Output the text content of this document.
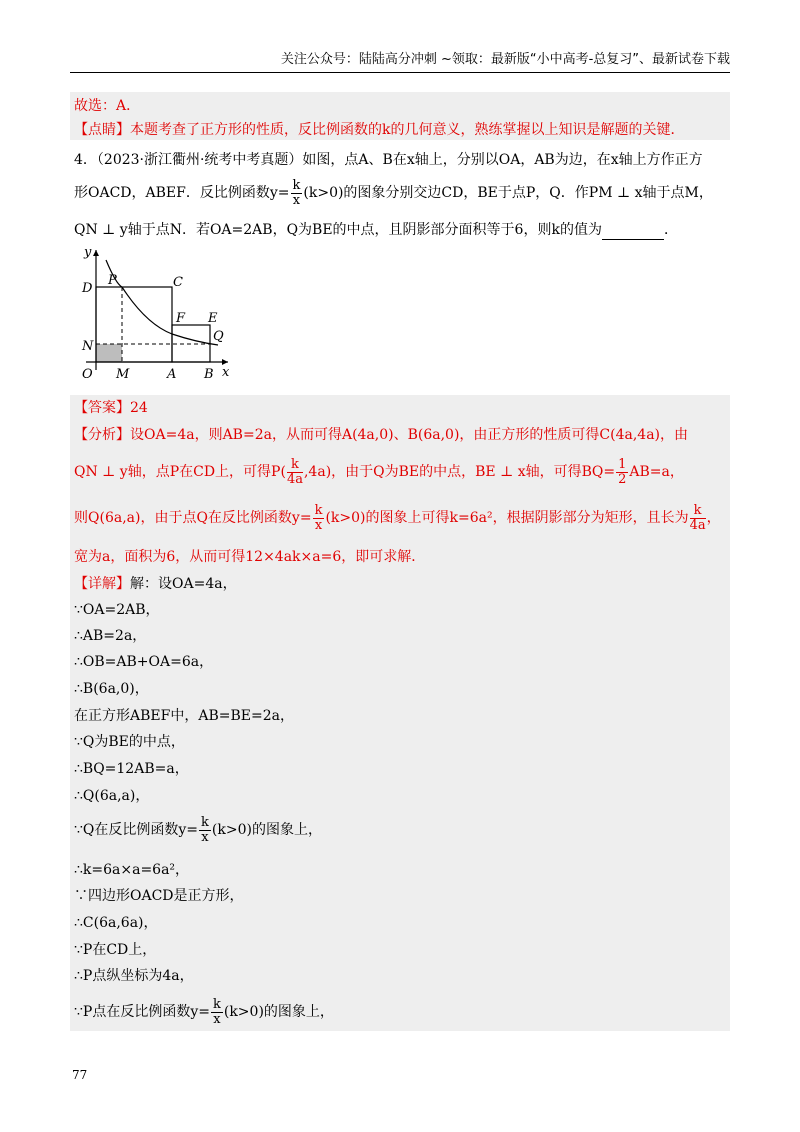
关注公众号：陆陆高分冲刺 ~领取：最新版“小中高考-总复习”、最新试卷下载
故选：A．
【点睛】本题考查了正方形的性质，反比例函数的k的几何意义，熟练掌握以上知识是解题的关键．
4．（2023·浙江衢州·统考中考真题）如图，点A、B在x轴上，分别以OA，AB为边，在x轴上方作正方
形OACD，ABEF．反比例函数$y= \frac{k}{x} (k>0)$的图象分别交边CD，BE于点P，Q．作PM ⊥ x轴于点M，
QN ⊥ y轴于点N．若OA=2AB，Q为BE的中点，且阴影部分面积等于6，则k的值为	．
y
x
O M	A B
D
N
P	C
F E
Q
【答案】24
【分析】设OA=4a，则AB=2a，从而可得A(4a,0)、B(6a,0)，由正方形的性质可得C(4a,4a)，由
QN ⊥ y轴，点P在CD上，可得$P( \frac{k}{4a} ,4a)$，由于Q为BE的中点，BE ⊥ x轴，可得$BQ= \frac{1}{2} AB=a$，
则Q(6a,a)，由于点Q在反比例函数$y= \frac{k}{x} (k>0)$的图象上可得k=6a²，根据阴影部分为矩形，且长为 $\frac{k}{4a}$ ，
宽为a，面积为6，从而可得12×4ak×a=6，即可求解．
【详解】解：设OA=4a，
∵OA=2AB，
∴AB=2a，
∴OB=AB+OA=6a，
∴B(6a,0)，
在正方形ABEF中，AB=BE=2a，
∵Q为BE的中点，
∴BQ=12AB=a，
∴Q(6a,a)，
∵Q在反比例函数$y= \frac{k}{x} (k>0)$的图象上，
∴k=6a×a=6a²，
∵四边形OACD是正方形，
∴C(6a,6a)，
∵P在CD上，
∴P点纵坐标为4a，
∵P点在反比例函数$y= \frac{k}{x} (k>0)$的图象上，
77
